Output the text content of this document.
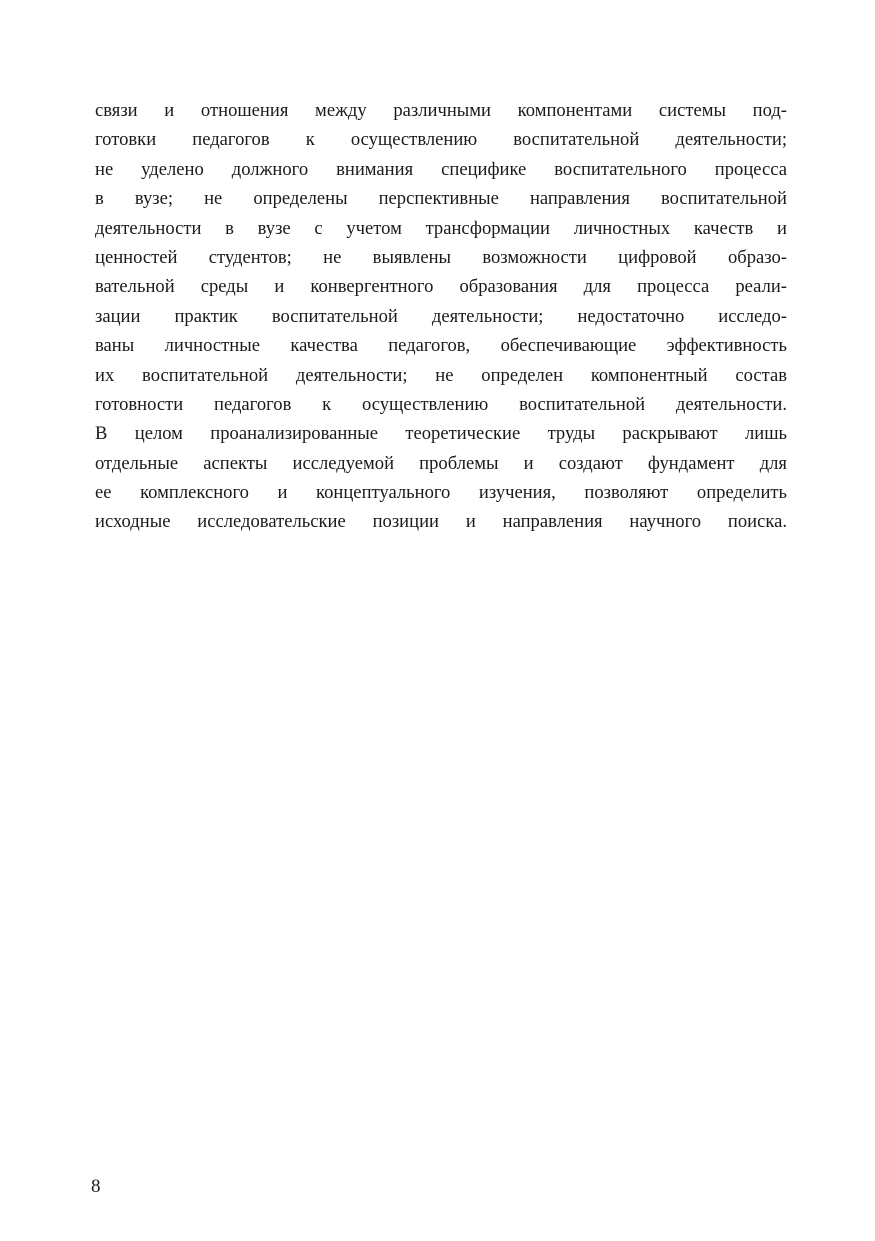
связи и отношения между различными компонентами системы под-
готовки педагогов к осуществлению воспитательной деятельности;
не уделено должного внимания специфике воспитательного процесса
в вузе; не определены перспективные направления воспитательной
деятельности в вузе с учетом трансформации личностных качеств и
ценностей студентов; не выявлены возможности цифровой образо-
вательной среды и конвергентного образования для процесса реали-
зации практик воспитательной деятельности; недостаточно исследо-
ваны личностные качества педагогов, обеспечивающие эффективность
их воспитательной деятельности; не определен компонентный состав
готовности педагогов к осуществлению воспитательной деятельности.
В целом проанализированные теоретические труды раскрывают лишь
отдельные аспекты исследуемой проблемы и создают фундамент для
ее комплексного и концептуального изучения, позволяют определить
исходные исследовательские позиции и направления научного поиска.
8
